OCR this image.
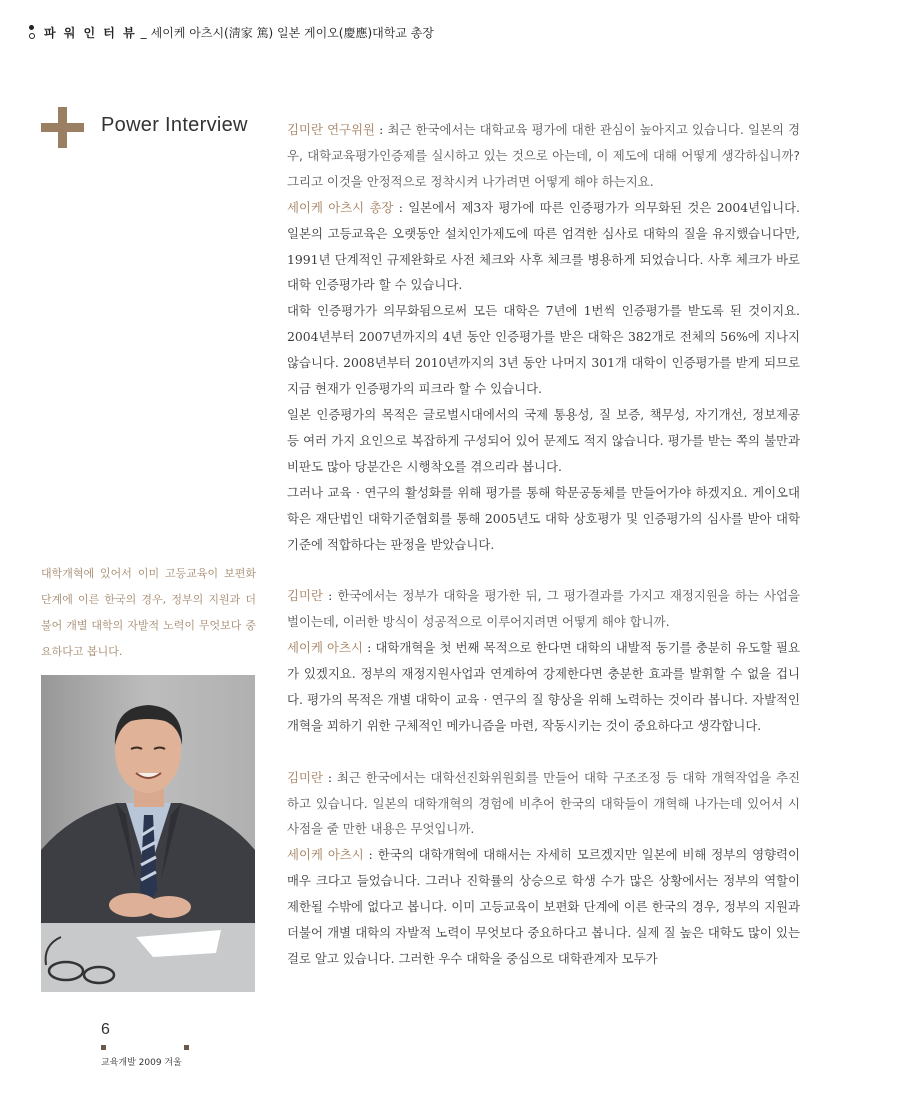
파 워 인 터 뷰 _ 세이케 아츠시(淸家 篤) 일본 게이오(慶應)대학교 총장
Power Interview
대학개혁에 있어서 이미 고등교육이 보편화 단계에 이른 한국의 경우, 정부의 지원과 더불어 개별 대학의 자발적 노력이 무엇보다 중요하다고 봅니다.

김미란 연구위원 : 최근 한국에서는 대학교육 평가에 대한 관심이 높아지고 있습니다. 일본의 경우, 대학교육평가인증제를 실시하고 있는 것으로 아는데, 이 제도에 대해 어떻게 생각하십니까? 그리고 이것을 안정적으로 정착시켜 나가려면 어떻게 해야 하는지요.

세이케 아츠시 총장 : 일본에서 제3자 평가에 따른 인증평가가 의무화된 것은 2004년입니다. 일본의 고등교육은 오랫동안 설치인가제도에 따른 엄격한 심사로 대학의 질을 유지했습니다만, 1991년 단계적인 규제완화로 사전 체크와 사후 체크를 병용하게 되었습니다. 사후 체크가 바로 대학 인증평가라 할 수 있습니다.

대학 인증평가가 의무화됨으로써 모든 대학은 7년에 1번씩 인증평가를 받도록 된 것이지요. 2004년부터 2007년까지의 4년 동안 인증평가를 받은 대학은 382개로 전체의 56%에 지나지 않습니다. 2008년부터 2010년까지의 3년 동안 나머지 301개 대학이 인증평가를 받게 되므로 지금 현재가 인증평가의 피크라 할 수 있습니다.

일본 인증평가의 목적은 글로벌시대에서의 국제 통용성, 질 보증, 책무성, 자기개선, 정보제공 등 여러 가지 요인으로 복잡하게 구성되어 있어 문제도 적지 않습니다. 평가를 받는 쪽의 불만과 비판도 많아 당분간은 시행착오를 겪으리라 봅니다.

그러나 교육 · 연구의 활성화를 위해 평가를 통해 학문공동체를 만들어가야 하겠지요. 게이오대학은 재단법인 대학기준협회를 통해 2005년도 대학 상호평가 및 인증평가의 심사를 받아 대학기준에 적합하다는 판정을 받았습니다.

김미란 : 한국에서는 정부가 대학을 평가한 뒤, 그 평가결과를 가지고 재정지원을 하는 사업을 벌이는데, 이러한 방식이 성공적으로 이루어지려면 어떻게 해야 합니까.

세이케 아츠시 : 대학개혁을 첫 번째 목적으로 한다면 대학의 내발적 동기를 충분히 유도할 필요가 있겠지요. 정부의 재정지원사업과 연계하여 강제한다면 충분한 효과를 발휘할 수 없을 겁니다. 평가의 목적은 개별 대학이 교육 · 연구의 질 향상을 위해 노력하는 것이라 봅니다. 자발적인 개혁을 꾀하기 위한 구체적인 메카니즘을 마련, 작동시키는 것이 중요하다고 생각합니다.

김미란 : 최근 한국에서는 대학선진화위원회를 만들어 대학 구조조정 등 대학 개혁작업을 추진하고 있습니다. 일본의 대학개혁의 경험에 비추어 한국의 대학들이 개혁해 나가는데 있어서 시사점을 줄 만한 내용은 무엇입니까.

세이케 아츠시 : 한국의 대학개혁에 대해서는 자세히 모르겠지만 일본에 비해 정부의 영향력이 매우 크다고 들었습니다. 그러나 진학률의 상승으로 학생 수가 많은 상황에서는 정부의 역할이 제한될 수밖에 없다고 봅니다. 이미 고등교육이 보편화 단계에 이른 한국의 경우, 정부의 지원과 더불어 개별 대학의 자발적 노력이 무엇보다 중요하다고 봅니다. 실제 질 높은 대학도 많이 있는 걸로 알고 있습니다. 그러한 우수 대학을 중심으로 대학관계자 모두가

6
교육개발 2009 겨울
